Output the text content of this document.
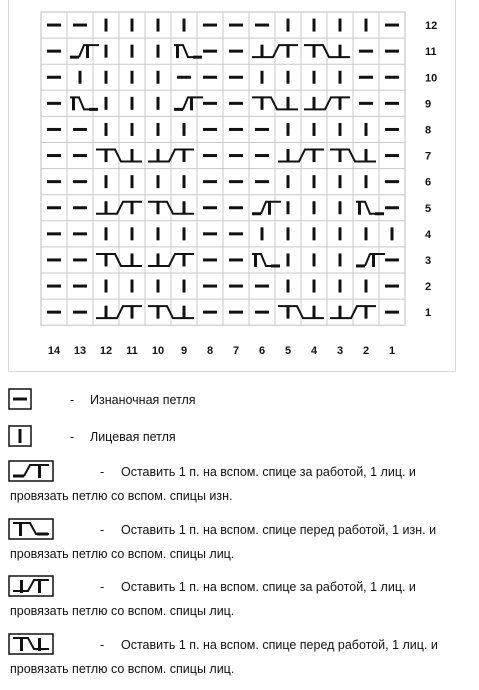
12
11
10
9
8
7
6
5
4
3
2
1
14 13 12 11 10 9 8 7 6 5 4 3 2 1
- Изнаночная петля
- Лицевая петля
- Оставить 1 п. на вспом. спице за работой, 1 лиц. и
провязать петлю со вспом. спицы изн.
- Оставить 1 п. на вспом. спице перед работой, 1 изн. и
провязать петлю со вспом. спицы лиц.
- Оставить 1 п. на вспом. спице за работой, 1 лиц. и
провязать петлю со вспом. спицы лиц.
- Оставить 1 п. на вспом. спице перед работой, 1 лиц. и
провязать петлю со вспом. спицы лиц.
